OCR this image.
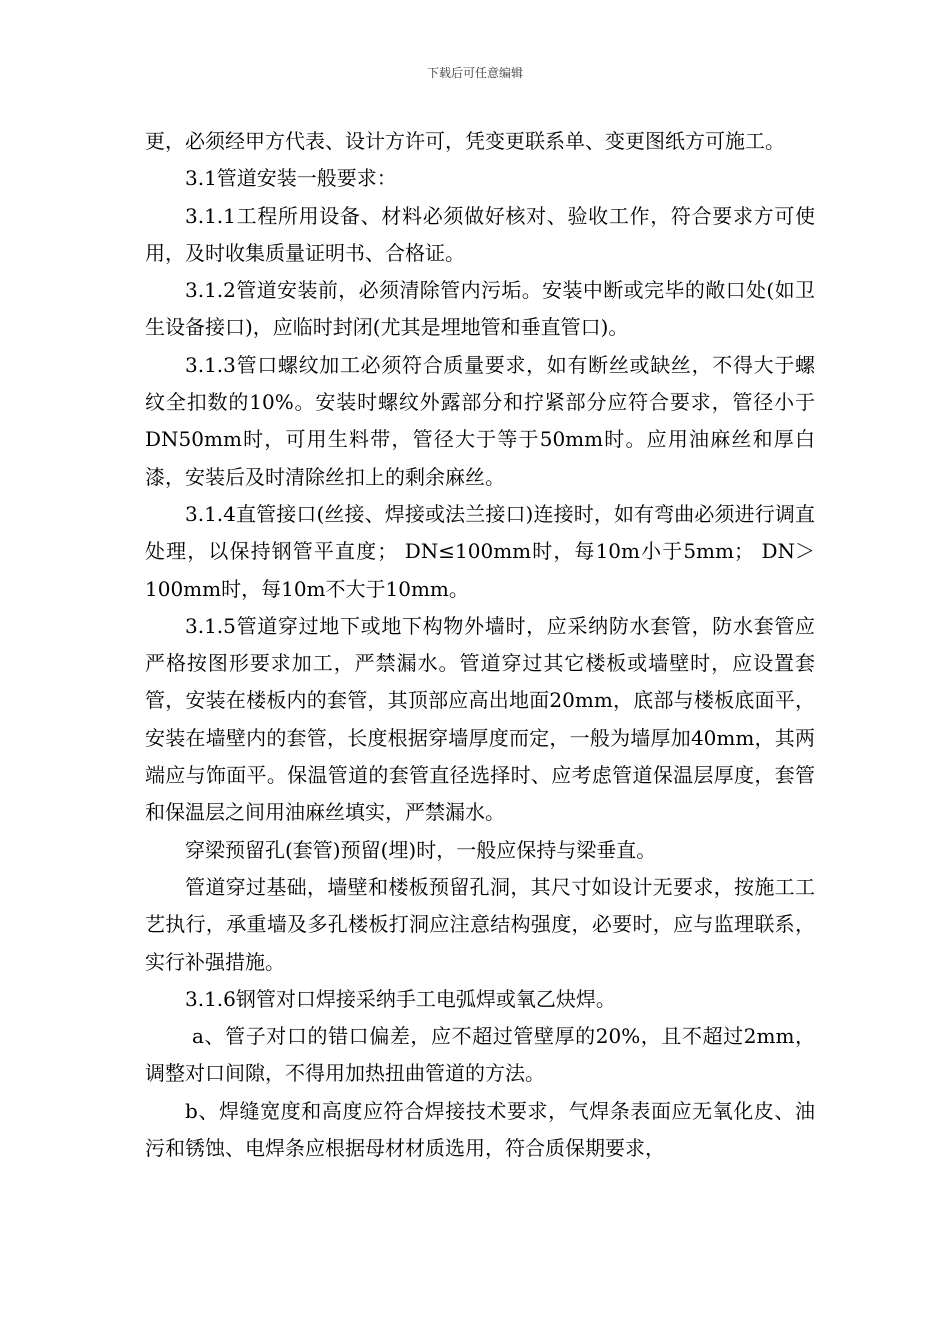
下载后可任意编辑

更，必须经甲方代表、设计方许可，凭变更联系单、变更图纸方可施工。

3.1管道安装一般要求：

3.1.1工程所用设备、材料必须做好核对、验收工作，符合要求方可使用，及时收集质量证明书、合格证。

3.1.2管道安装前，必须清除管内污垢。安装中断或完毕的敞口处(如卫生设备接口)，应临时封闭(尤其是埋地管和垂直管口)。

3.1.3管口螺纹加工必须符合质量要求，如有断丝或缺丝，不得大于螺纹全扣数的10%。安装时螺纹外露部分和拧紧部分应符合要求，管径小于DN50mm时，可用生料带，管径大于等于50mm时。应用油麻丝和厚白漆，安装后及时清除丝扣上的剩余麻丝。

3.1.4直管接口(丝接、焊接或法兰接口)连接时，如有弯曲必须进行调直处理，以保持钢管平直度； DN≤100mm时，每10m小于5mm； DN＞100mm时，每10m不大于10mm。

3.1.5管道穿过地下或地下构物外墙时，应采纳防水套管，防水套管应严格按图形要求加工，严禁漏水。管道穿过其它楼板或墙壁时，应设置套管，安装在楼板内的套管，其顶部应高出地面20mm，底部与楼板底面平，安装在墙壁内的套管，长度根据穿墙厚度而定，一般为墙厚加40mm，其两端应与饰面平。保温管道的套管直径选择时、应考虑管道保温层厚度，套管和保温层之间用油麻丝填实，严禁漏水。

穿梁预留孔(套管)预留(埋)时，一般应保持与梁垂直。

管道穿过基础，墙壁和楼板预留孔洞，其尺寸如设计无要求，按施工工艺执行，承重墙及多孔楼板打洞应注意结构强度，必要时，应与监理联系，实行补强措施。

3.1.6钢管对口焊接采纳手工电弧焊或氧乙炔焊。

a、管子对口的错口偏差，应不超过管壁厚的20%，且不超过2mm，调整对口间隙，不得用加热扭曲管道的方法。

b、焊缝宽度和高度应符合焊接技术要求，气焊条表面应无氧化皮、油污和锈蚀、电焊条应根据母材材质选用，符合质保期要求，
